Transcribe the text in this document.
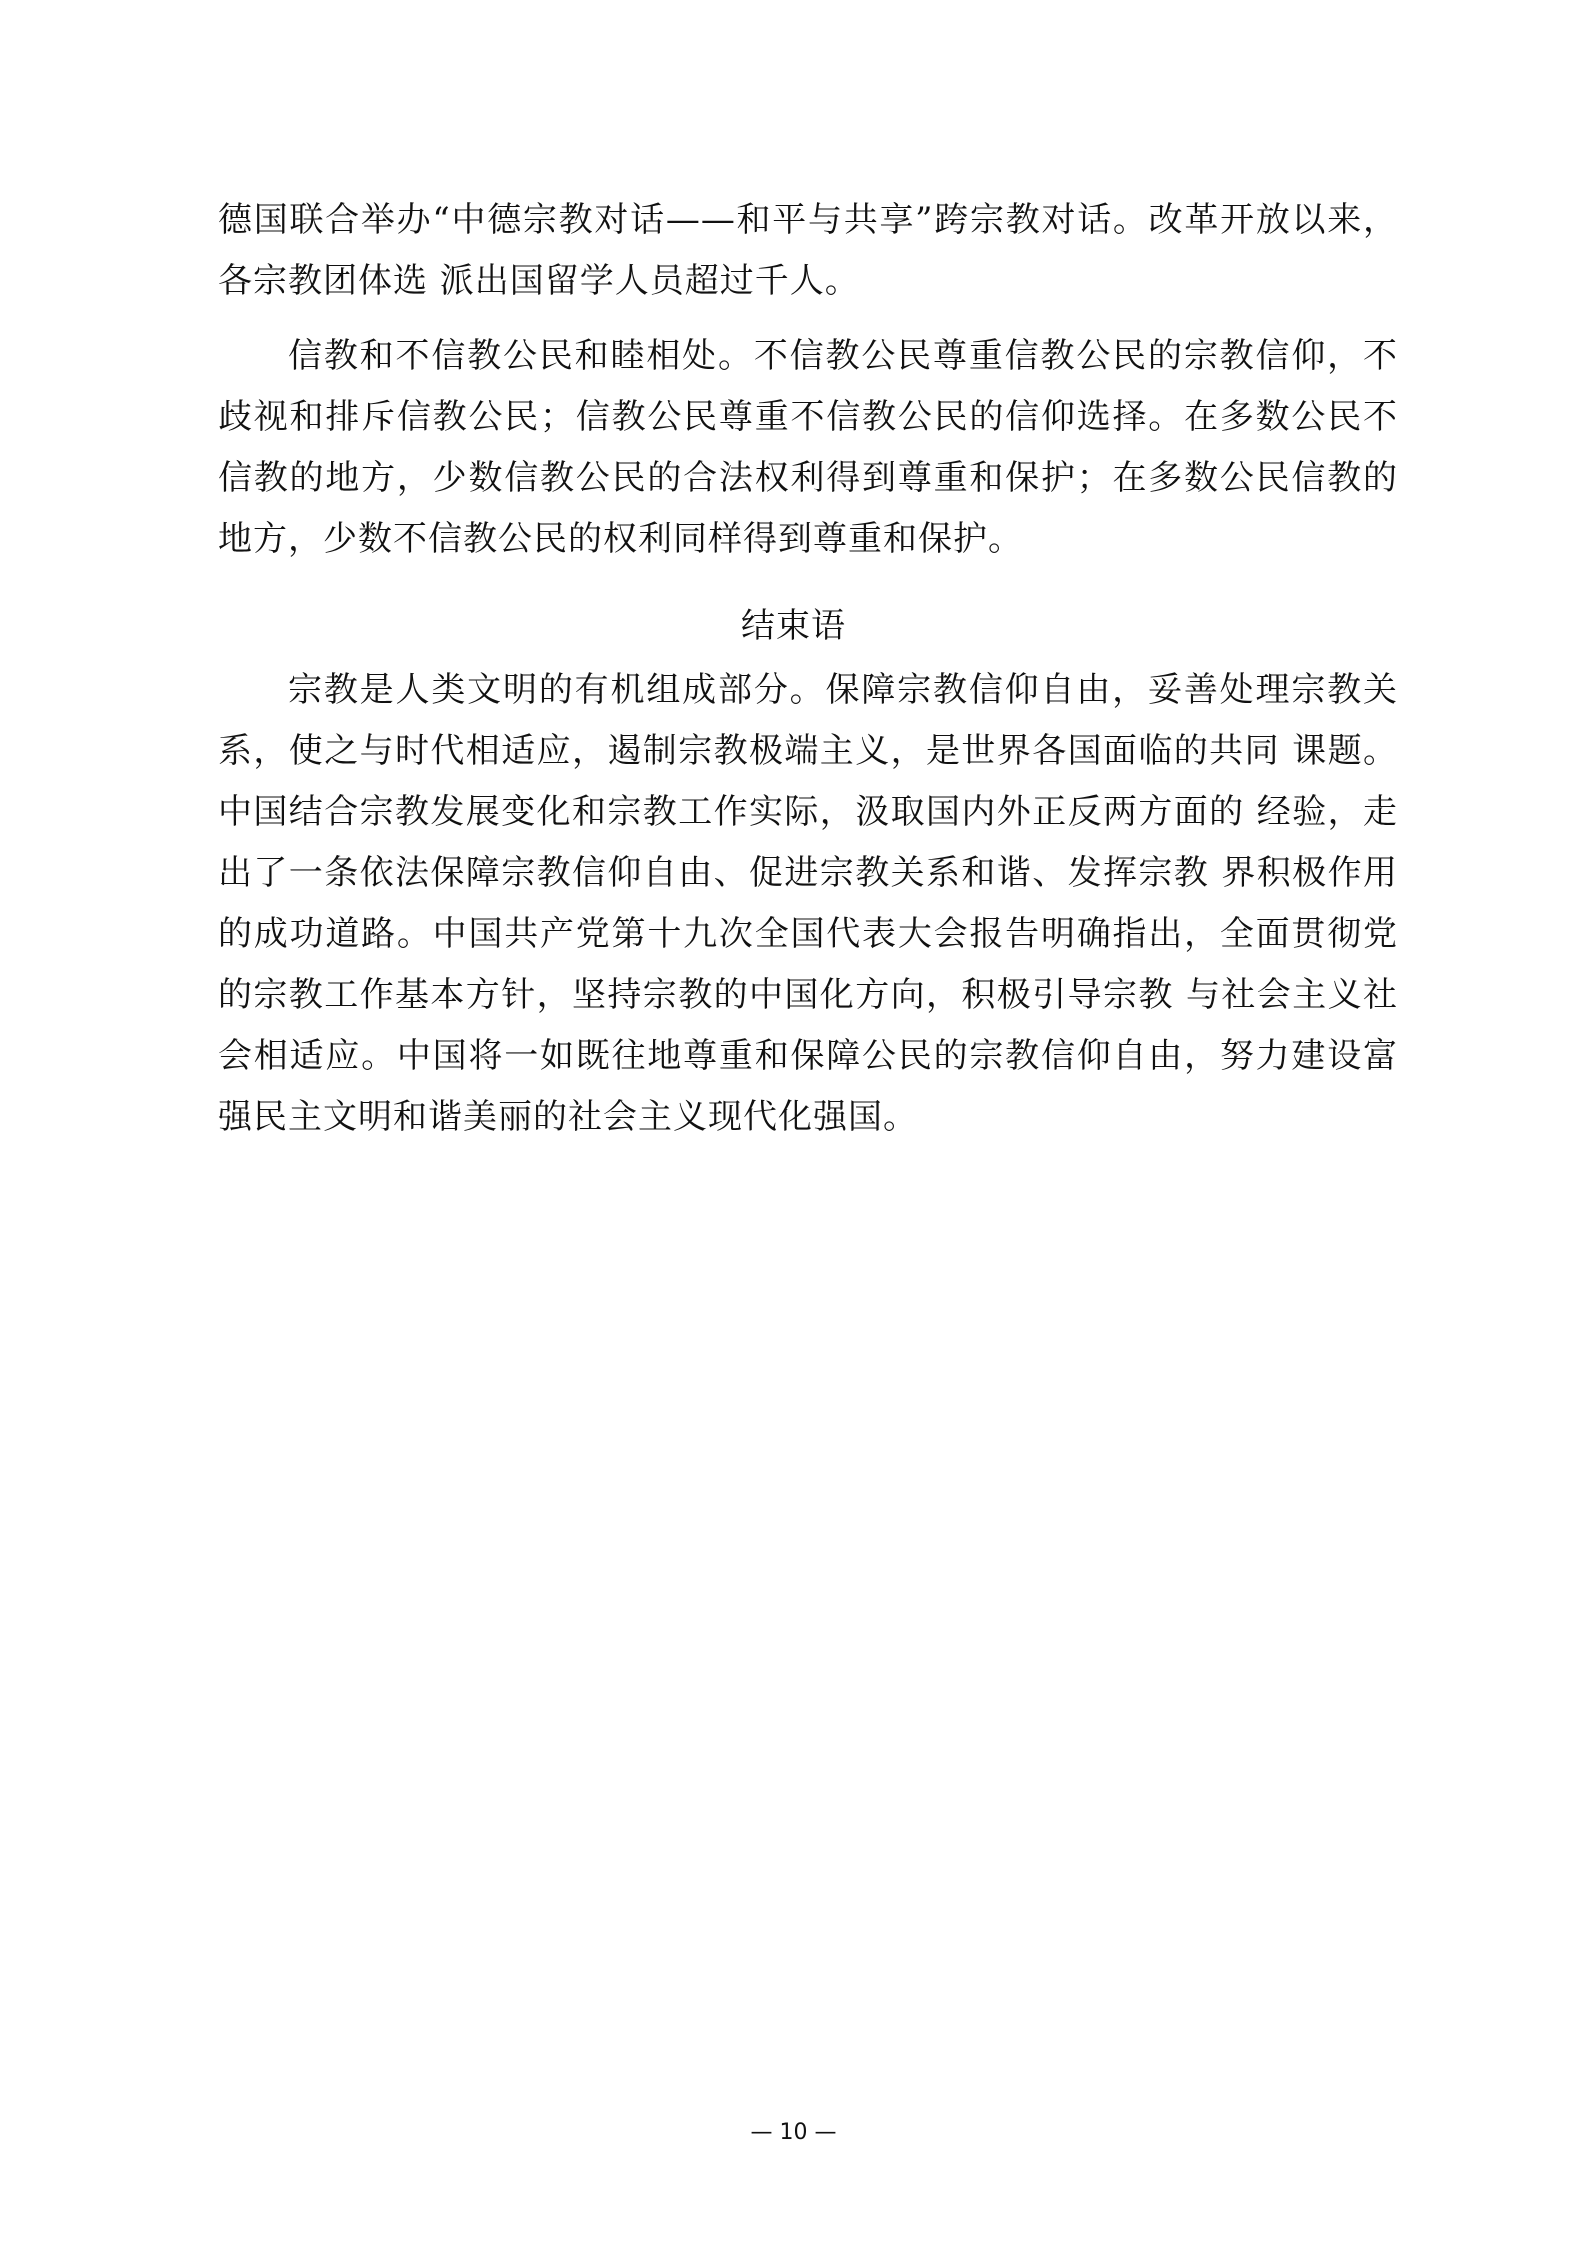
德国联合举办“中德宗教对话——和平与共享”跨宗教对话。改革开放以来，各宗教团体选 派出国留学人员超过千人。
信教和不信教公民和睦相处。不信教公民尊重信教公民的宗教信仰，不歧视和排斥信教公民；信教公民尊重不信教公民的信仰选择。在多数公民不信教的地方，少数信教公民的合法权利得到尊重和保护；在多数公民信教的地方，少数不信教公民的权利同样得到尊重和保护。
结束语
宗教是人类文明的有机组成部分。保障宗教信仰自由，妥善处理宗教关系，使之与时代相适应，遏制宗教极端主义，是世界各国面临的共同 课题。中国结合宗教发展变化和宗教工作实际，汲取国内外正反两方面的 经验，走出了一条依法保障宗教信仰自由、促进宗教关系和谐、发挥宗教 界积极作用的成功道路。中国共产党第十九次全国代表大会报告明确指出，全面贯彻党的宗教工作基本方针，坚持宗教的中国化方向，积极引导宗教 与社会主义社会相适应。中国将一如既往地尊重和保障公民的宗教信仰自由，努力建设富强民主文明和谐美丽的社会主义现代化强国。
— 10 —
